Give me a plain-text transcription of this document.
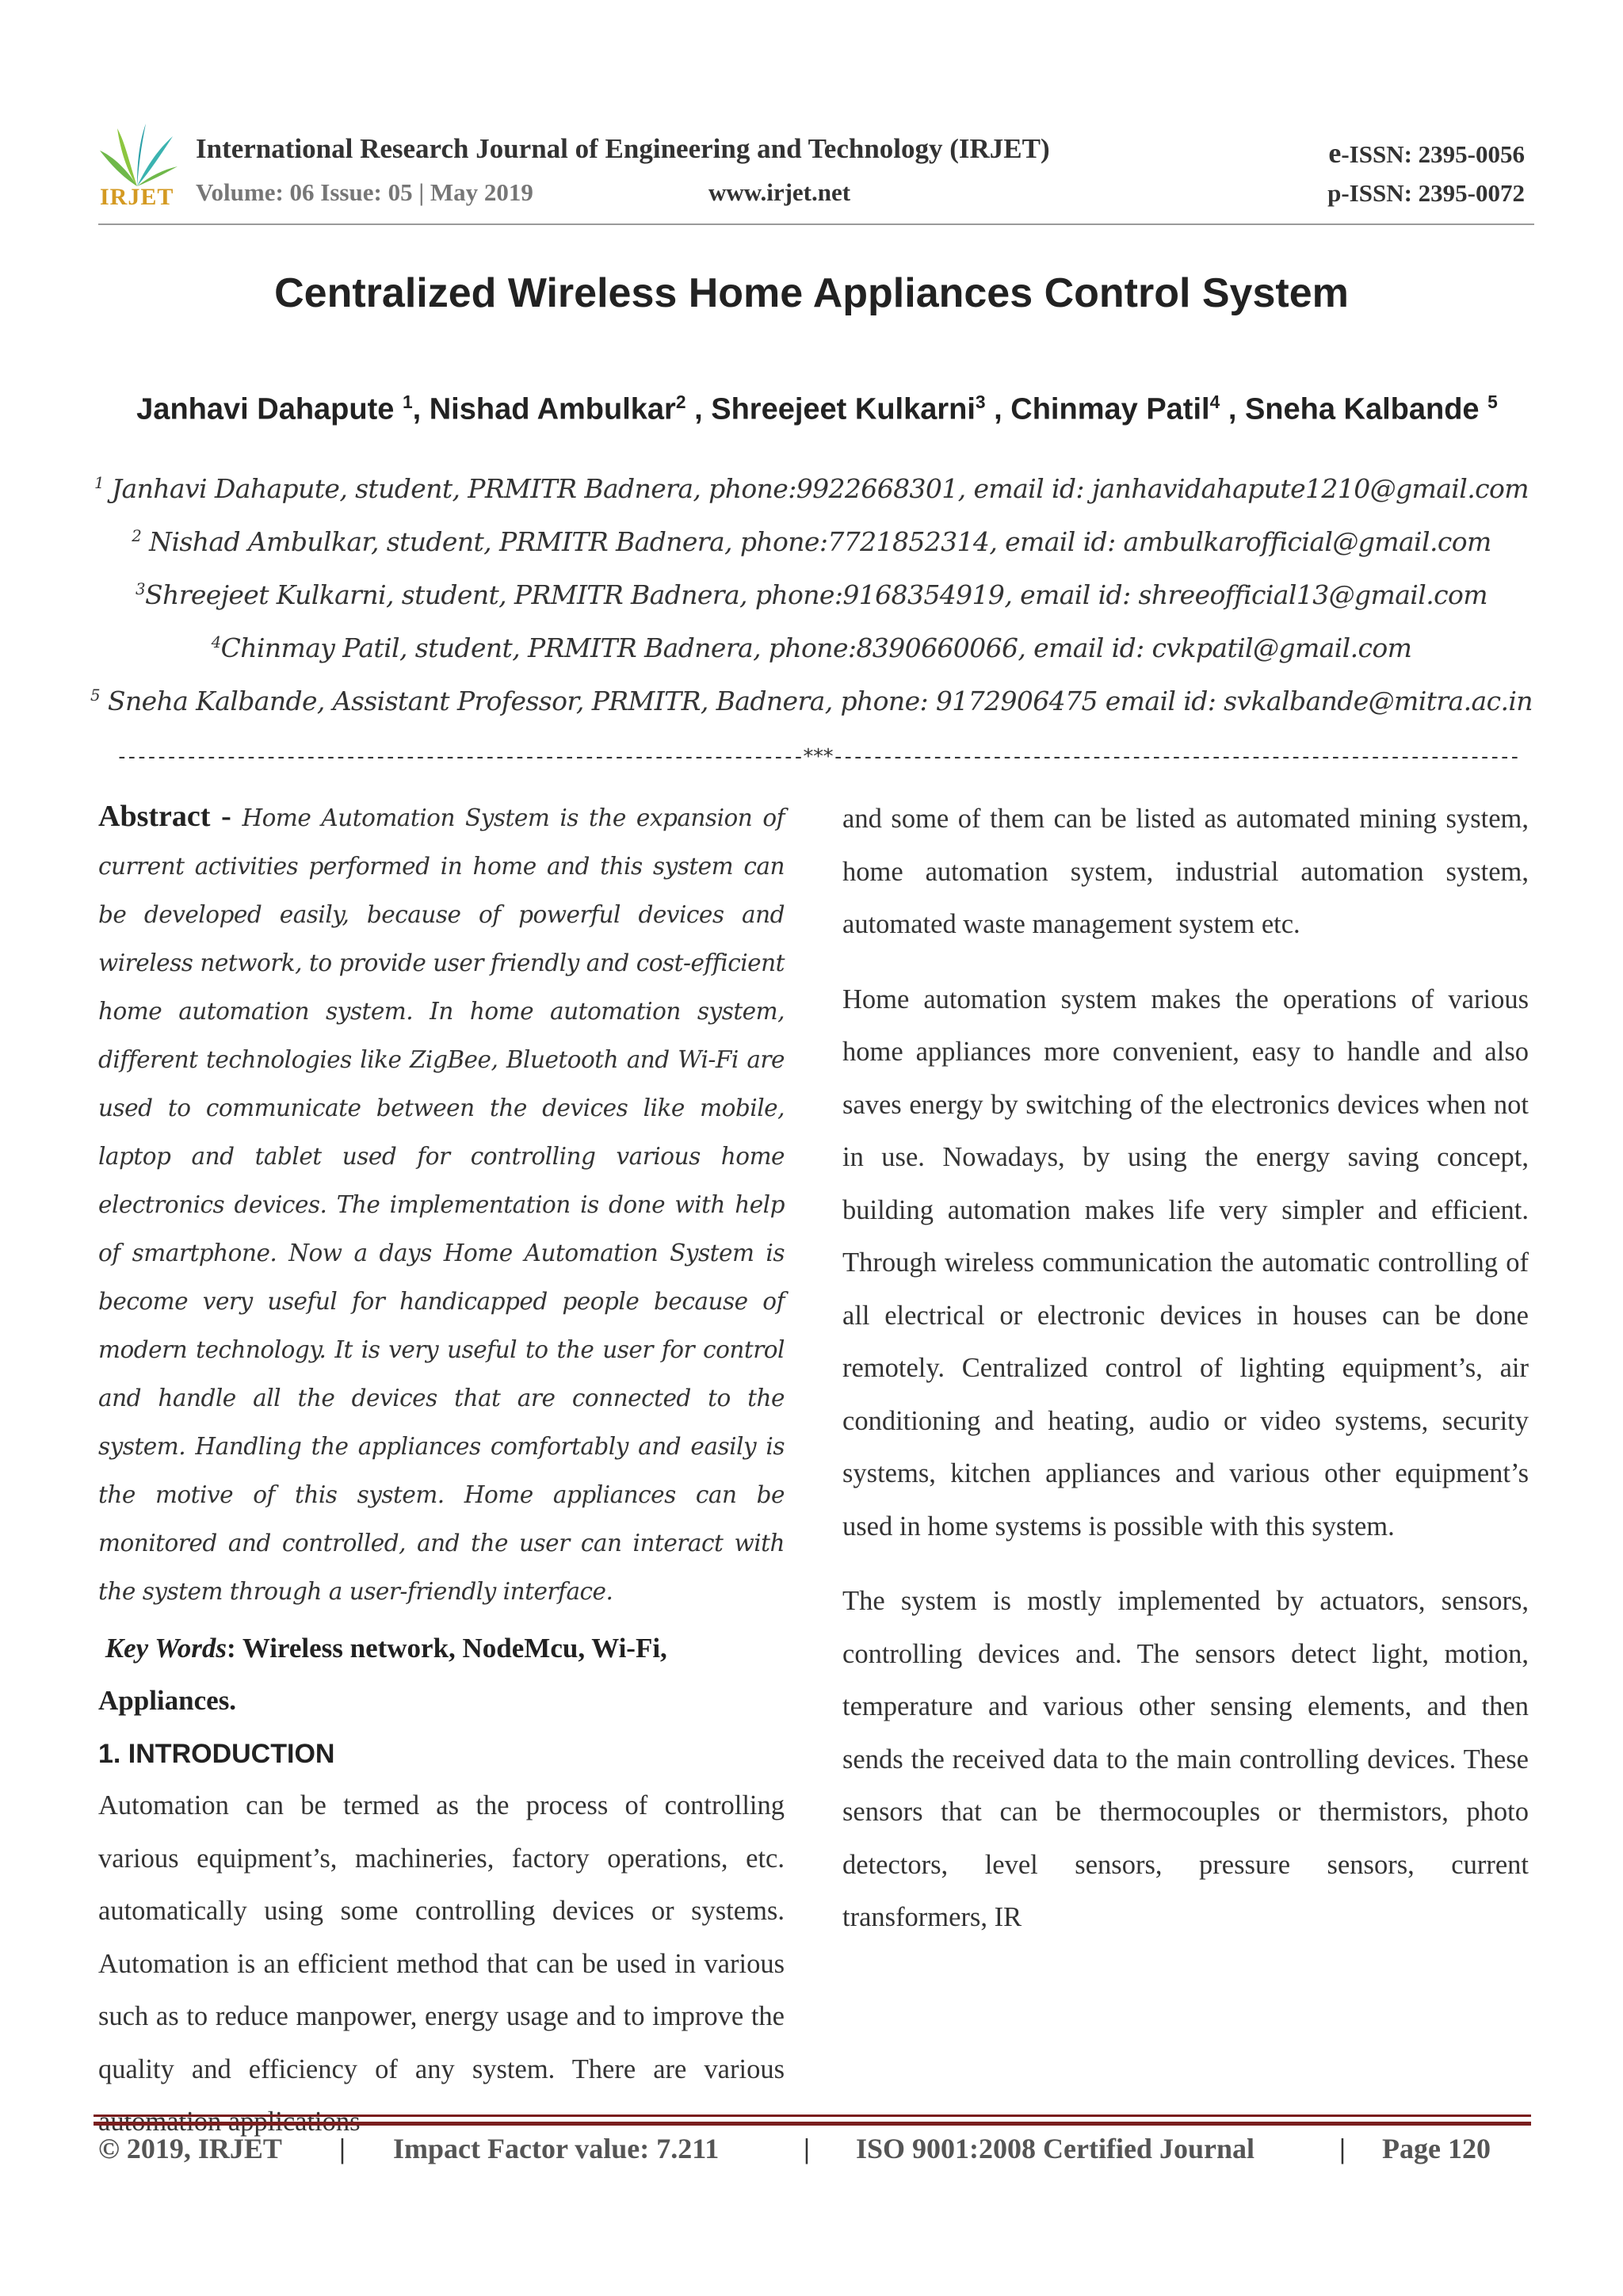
IRJET
International Research Journal of Engineering and Technology (IRJET)	e-ISSN: 2395-0056
Volume: 06 Issue: 05 | May 2019	www.irjet.net	p-ISSN: 2395-0072
Centralized Wireless Home Appliances Control System
Janhavi Dahapute $^1$, Nishad Ambulkar$^2$ , Shreejeet Kulkarni$^3$ , Chinmay Patil$^4$ , Sneha Kalbande $^5$
$^1$ Janhavi Dahapute, student, PRMITR Badnera, phone:9922668301, email id: janhavidahapute1210@gmail.com
$^2$ Nishad Ambulkar, student, PRMITR Badnera, phone:7721852314, email id: ambulkarofficial@gmail.com
$^3$Shreejeet Kulkarni, student, PRMITR Badnera, phone:9168354919, email id: shreeofficial13@gmail.com
$^4$Chinmay Patil, student, PRMITR Badnera, phone:8390660066, email id: cvkpatil@gmail.com
$^5$ Sneha Kalbande, Assistant Professor, PRMITR, Badnera, phone: 9172906475 email id: svkalbande@mitra.ac.in
---------------------------------------------------------------------***---------------------------------------------------------------------
Abstract - Home Automation System is the expansion of current activities performed in home and this system can be developed easily, because of powerful devices and wireless network, to provide user friendly and cost-efficient home automation system. In home automation system, different technologies like ZigBee, Bluetooth and Wi-Fi are used to communicate between the devices like mobile, laptop and tablet used for controlling various home electronics devices. The implementation is done with help of smartphone. Now a days Home Automation System is become very useful for handicapped people because of modern technology. It is very useful to the user for control and handle all the devices that are connected to the system. Handling the appliances comfortably and easily is the motive of this system. Home appliances can be monitored and controlled, and the user can interact with the system through a user-friendly interface.
Key Words: Wireless network, NodeMcu, Wi-Fi, Appliances.
1. INTRODUCTION

Automation can be termed as the process of controlling various equipment’s, machineries, factory operations, etc. automatically using some controlling devices or systems. Automation is an efficient method that can be used in various such as to reduce manpower, energy usage and to improve the quality and efficiency of any system. There are various

and some of them can be listed as automated mining system, home automation system, industrial automation system, automated waste management system etc.

Home automation system makes the operations of various home appliances more convenient, easy to handle and also saves energy by switching of the electronics devices when not in use. Nowadays, by using the energy saving concept, building automation makes life very simpler and efficient. Through wireless communication the automatic controlling of all electrical or electronic devices in houses can be done remotely. Centralized control of lighting equipment’s, air conditioning and heating, audio or video systems, security systems, kitchen appliances and various other equipment’s used in home systems is possible with this system.

The system is mostly implemented by actuators, sensors, controlling devices and. The sensors detect light, motion, temperature and various other sensing elements, and then sends the received data to the main controlling devices. These sensors that can be thermocouples or thermistors, photo detectors, level sensors, pressure sensors, current transformers, IR

© 2019, IRJET | Impact Factor value: 7.211	| ISO 9001:2008 Certified Journal	| Page 120
